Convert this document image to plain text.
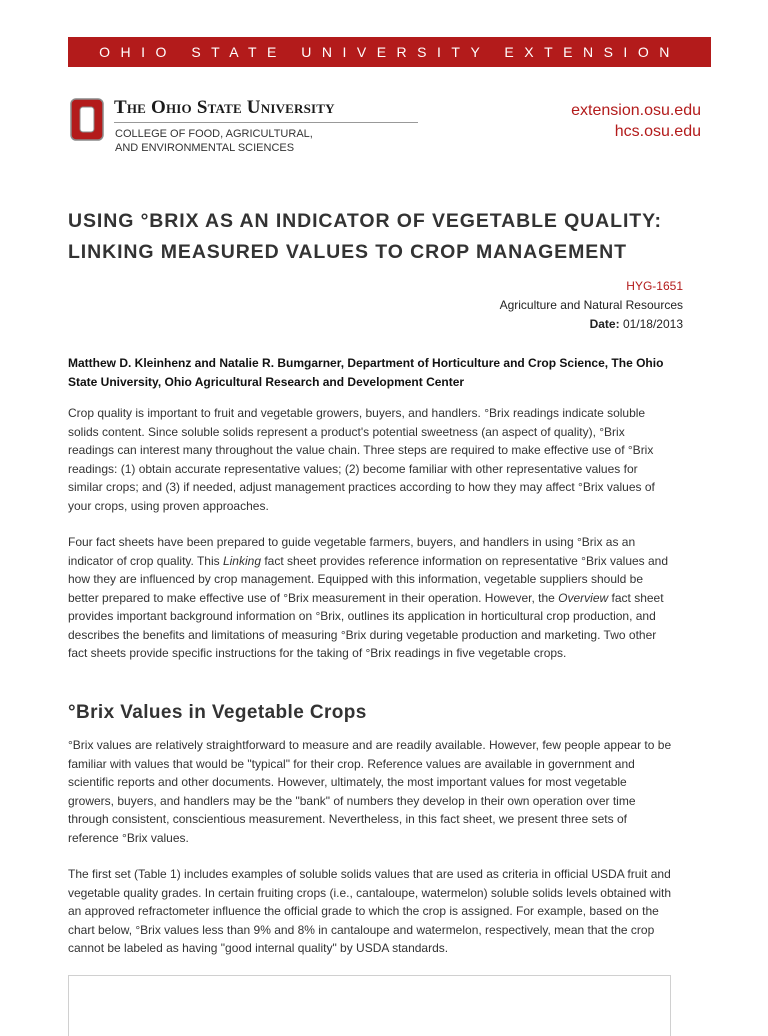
OHIO STATE UNIVERSITY EXTENSION
The Ohio State University
COLLEGE OF FOOD, AGRICULTURAL,
AND ENVIRONMENTAL SCIENCES
extension.osu.edu
hcs.osu.edu
USING °BRIX AS AN INDICATOR OF VEGETABLE QUALITY:
LINKING MEASURED VALUES TO CROP MANAGEMENT
HYG-1651
Agriculture and Natural Resources
Date: 01/18/2013
Matthew D. Kleinhenz and Natalie R. Bumgarner, Department of Horticulture and Crop Science, The Ohio State University, Ohio Agricultural Research and Development Center
Crop quality is important to fruit and vegetable growers, buyers, and handlers. °Brix readings indicate soluble solids content. Since soluble solids represent a product's potential sweetness (an aspect of quality), °Brix readings can interest many throughout the value chain. Three steps are required to make effective use of °Brix readings: (1) obtain accurate representative values; (2) become familiar with other representative values for similar crops; and (3) if needed, adjust management practices according to how they may affect °Brix values of your crops, using proven approaches.
Four fact sheets have been prepared to guide vegetable farmers, buyers, and handlers in using °Brix as an indicator of crop quality. This Linking fact sheet provides reference information on representative °Brix values and how they are influenced by crop management. Equipped with this information, vegetable suppliers should be better prepared to make effective use of °Brix measurement in their operation. However, the Overview fact sheet provides important background information on °Brix, outlines its application in horticultural crop production, and describes the benefits and limitations of measuring °Brix during vegetable production and marketing. Two other fact sheets provide specific instructions for the taking of °Brix readings in five vegetable crops.
°Brix Values in Vegetable Crops
°Brix values are relatively straightforward to measure and are readily available. However, few people appear to be familiar with values that would be "typical" for their crop. Reference values are available in government and scientific reports and other documents. However, ultimately, the most important values for most vegetable growers, buyers, and handlers may be the "bank" of numbers they develop in their own operation over time through consistent, conscientious measurement. Nevertheless, in this fact sheet, we present three sets of reference °Brix values.
The first set (Table 1) includes examples of soluble solids values that are used as criteria in official USDA fruit and vegetable quality grades. In certain fruiting crops (i.e., cantaloupe, watermelon) soluble solids levels obtained with an approved refractometer influence the official grade to which the crop is assigned. For example, based on the chart below, °Brix values less than 9% and 8% in cantaloupe and watermelon, respectively, mean that the crop cannot be labeled as having "good internal quality" by USDA standards.
